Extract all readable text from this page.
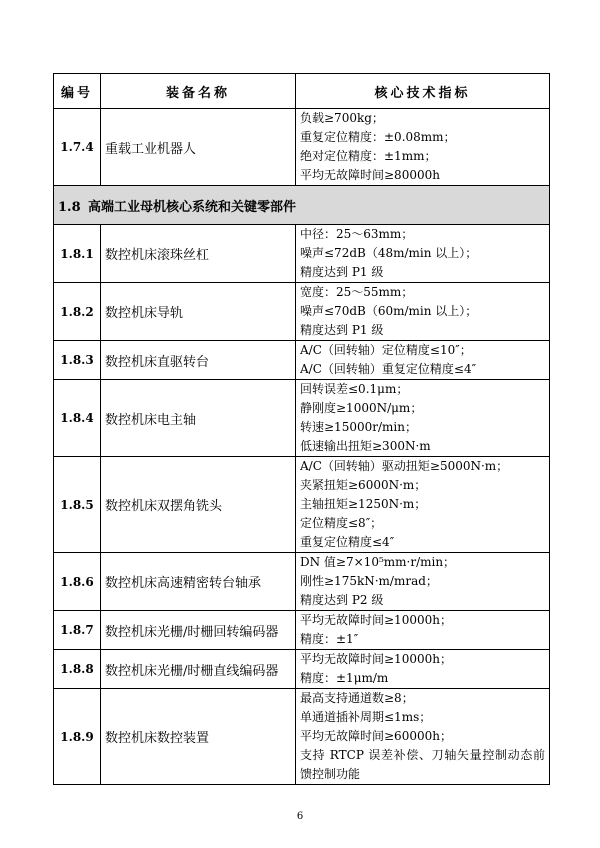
编号	装备名称	核心技术指标
1.7.4	重载工业机器人	负载≥700kg；
重复定位精度：±0.08mm；
绝对定位精度：±1mm；
平均无故障时间≥80000h

1.8 高端工业母机核心系统和关键零部件		
1.8.1	数控机床滚珠丝杠	中径：25～63mm；
噪声≤72dB（48m/min 以上）；
精度达到 P1 级

1.8.2	数控机床导轨	宽度：25～55mm；
噪声≤70dB（60m/min 以上）；
精度达到 P1 级

1.8.3	数控机床直驱转台	A/C（回转轴）定位精度≤10″；
A/C（回转轴）重复定位精度≤4″

1.8.4	数控机床电主轴	回转误差≤0.1μm；
静刚度≥1000N/μm；
转速≥15000r/min；
低速输出扭矩≥300N·m

1.8.5	数控机床双摆角铣头	A/C（回转轴）驱动扭矩≥5000N·m；
夹紧扭矩≥6000N·m；
主轴扭矩≥1250N·m；
定位精度≤8″；
重复定位精度≤4″

1.8.6	数控机床高速精密转台轴承	DN 值≥7×10⁵mm·r/min；
刚性≥175kN·m/mrad；
精度达到 P2 级

1.8.7	数控机床光栅/时栅回转编码器	平均无故障时间≥10000h；
精度：±1″

1.8.8	数控机床光栅/时栅直线编码器	平均无故障时间≥10000h；
精度：±1μm/m

1.8.9	数控机床数控装置	最高支持通道数≥8；
单通道插补周期≤1ms；
平均无故障时间≥60000h；
支持 RTCP 误差补偿、刀轴矢量控制动态前馈控制功能
6
